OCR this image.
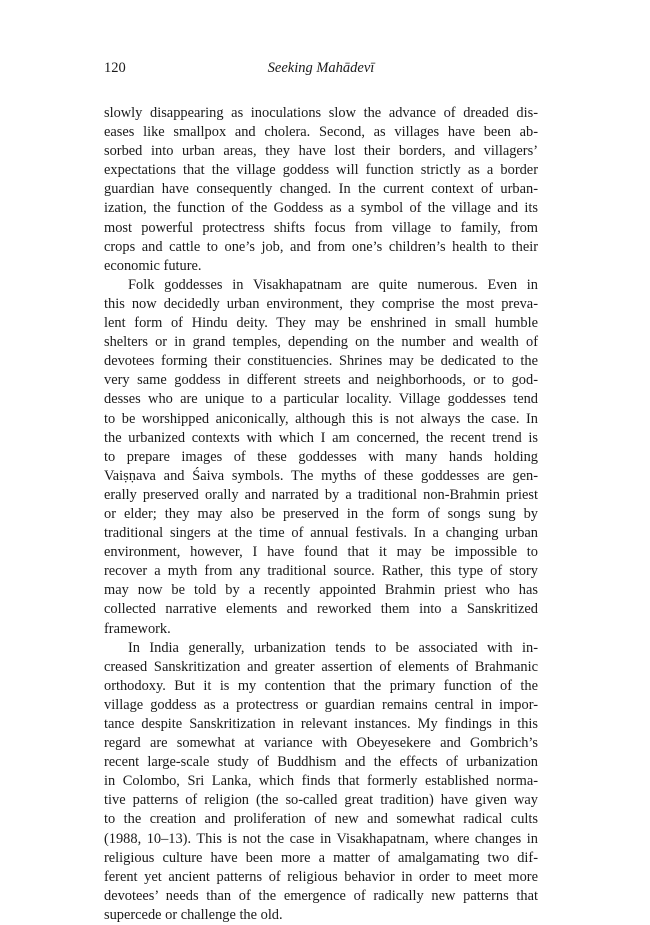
120	Seeking Mahādevī
slowly disappearing as inoculations slow the advance of dreaded dis-
eases like smallpox and cholera. Second, as villages have been ab-
sorbed into urban areas, they have lost their borders, and villagers’
expectations that the village goddess will function strictly as a border
guardian have consequently changed. In the current context of urban-
ization, the function of the Goddess as a symbol of the village and its
most powerful protectress shifts focus from village to family, from
crops and cattle to one’s job, and from one’s children’s health to their
economic future.
Folk goddesses in Visakhapatnam are quite numerous. Even in
this now decidedly urban environment, they comprise the most preva-
lent form of Hindu deity. They may be enshrined in small humble
shelters or in grand temples, depending on the number and wealth of
devotees forming their constituencies. Shrines may be dedicated to the
very same goddess in different streets and neighborhoods, or to god-
desses who are unique to a particular locality. Village goddesses tend
to be worshipped aniconically, although this is not always the case. In
the urbanized contexts with which I am concerned, the recent trend is
to prepare images of these goddesses with many hands holding
Vaiṣṇava and Śaiva symbols. The myths of these goddesses are gen-
erally preserved orally and narrated by a traditional non-Brahmin priest
or elder; they may also be preserved in the form of songs sung by
traditional singers at the time of annual festivals. In a changing urban
environment, however, I have found that it may be impossible to
recover a myth from any traditional source. Rather, this type of story
may now be told by a recently appointed Brahmin priest who has
collected narrative elements and reworked them into a Sanskritized
framework.
In India generally, urbanization tends to be associated with in-
creased Sanskritization and greater assertion of elements of Brahmanic
orthodoxy. But it is my contention that the primary function of the
village goddess as a protectress or guardian remains central in impor-
tance despite Sanskritization in relevant instances. My findings in this
regard are somewhat at variance with Obeyesekere and Gombrich’s
recent large-scale study of Buddhism and the effects of urbanization
in Colombo, Sri Lanka, which finds that formerly established norma-
tive patterns of religion (the so-called great tradition) have given way
to the creation and proliferation of new and somewhat radical cults
(1988, 10–13). This is not the case in Visakhapatnam, where changes in
religious culture have been more a matter of amalgamating two dif-
ferent yet ancient patterns of religious behavior in order to meet more
devotees’ needs than of the emergence of radically new patterns that
supercede or challenge the old.
